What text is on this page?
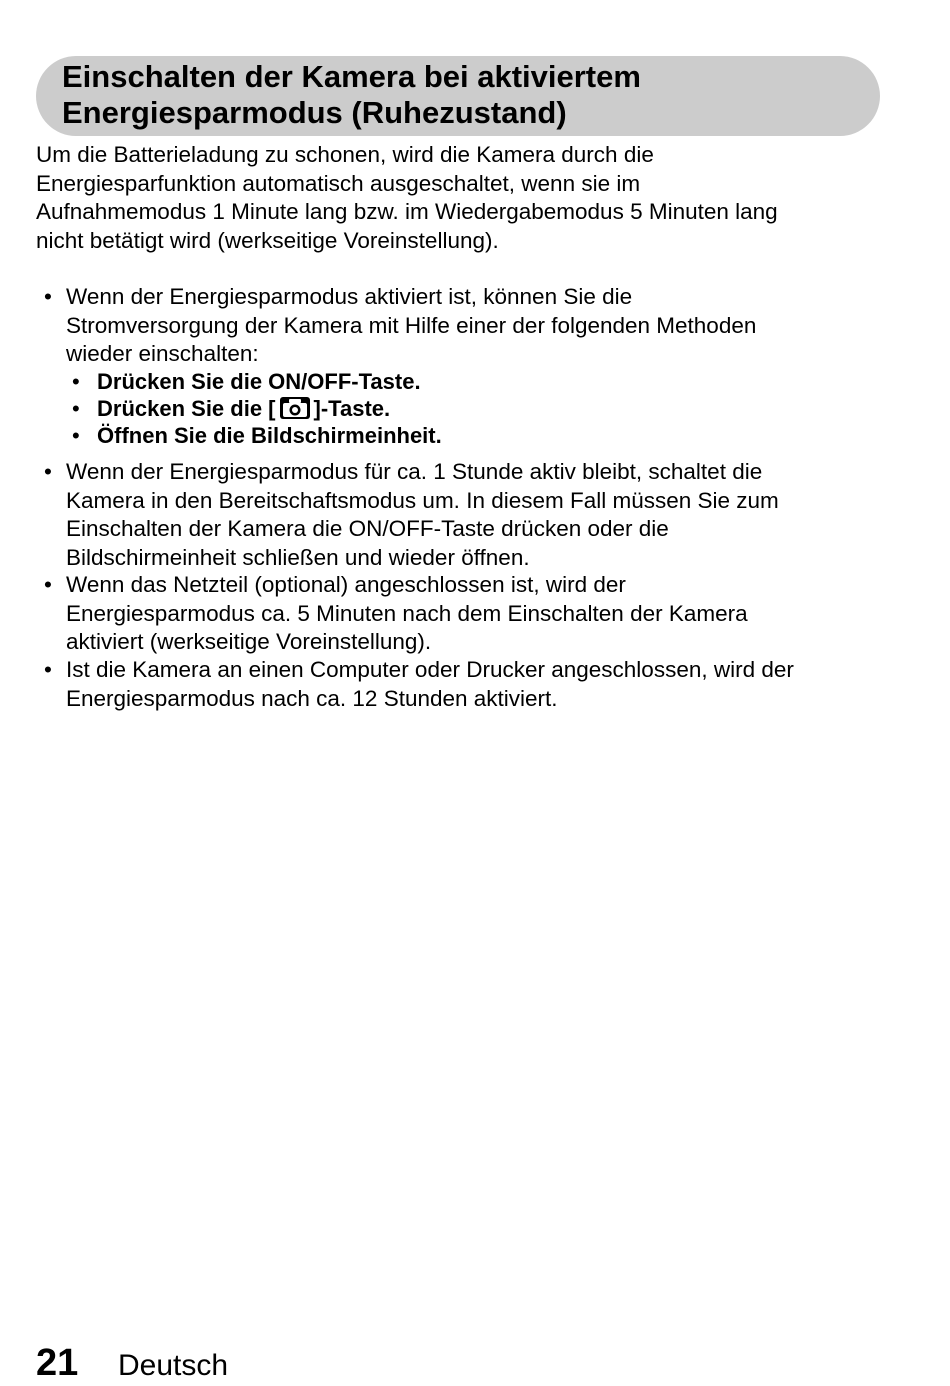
Einschalten der Kamera bei aktiviertem
Energiesparmodus (Ruhezustand)

Um die Batterieladung zu schonen, wird die Kamera durch die
Energiesparfunktion automatisch ausgeschaltet, wenn sie im
Aufnahmemodus 1 Minute lang bzw. im Wiedergabemodus 5 Minuten lang
nicht betätigt wird (werkseitige Voreinstellung).

• Wenn der Energiesparmodus aktiviert ist, können Sie die
Stromversorgung der Kamera mit Hilfe einer der folgenden Methoden
wieder einschalten:
• Drücken Sie die ON/OFF-Taste.
• Drücken Sie die [ ]-Taste.
• Öffnen Sie die Bildschirmeinheit.
• Wenn der Energiesparmodus für ca. 1 Stunde aktiv bleibt, schaltet die
Kamera in den Bereitschaftsmodus um. In diesem Fall müssen Sie zum
Einschalten der Kamera die ON/OFF-Taste drücken oder die
Bildschirmeinheit schließen und wieder öffnen.
• Wenn das Netzteil (optional) angeschlossen ist, wird der
Energiesparmodus ca. 5 Minuten nach dem Einschalten der Kamera
aktiviert (werkseitige Voreinstellung).
• Ist die Kamera an einen Computer oder Drucker angeschlossen, wird der
Energiesparmodus nach ca. 12 Stunden aktiviert.
21 Deutsch
